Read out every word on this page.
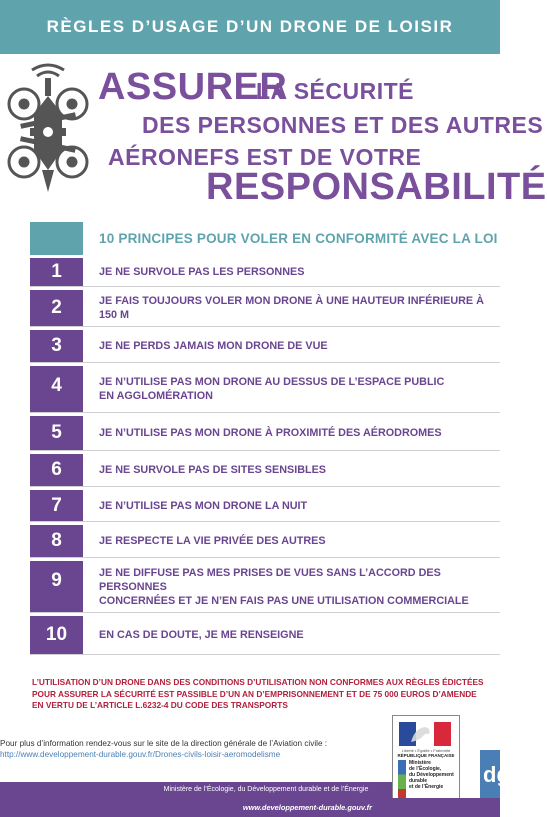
RÈGLES D’USAGE D’UN DRONE DE LOISIR
ASSURER
LA SÉCURITÉ
DES PERSONNES ET DES AUTRES
AÉRONEFS EST DE VOTRE
RESPONSABILITÉ
10 PRINCIPES POUR VOLER EN CONFORMITÉ AVEC LA LOI
1	JE NE SURVOLE PAS LES PERSONNES
2	JE FAIS TOUJOURS VOLER MON DRONE À UNE HAUTEUR INFÉRIEURE À 150 M
3	JE NE PERDS JAMAIS MON DRONE DE VUE
4	JE N’UTILISE PAS MON DRONE AU DESSUS DE L’ESPACE PUBLIC
EN AGGLOMÉRATION
5	JE N’UTILISE PAS MON DRONE À PROXIMITÉ DES AÉRODROMES
6	JE NE SURVOLE PAS DE SITES SENSIBLES
7	JE N’UTILISE PAS MON DRONE LA NUIT
8	JE RESPECTE LA VIE PRIVÉE DES AUTRES
9	JE NE DIFFUSE PAS MES PRISES DE VUES SANS L’ACCORD DES PERSONNES
CONCERNÉES ET JE N’EN FAIS PAS UNE UTILISATION COMMERCIALE
10	EN CAS DE DOUTE, JE ME RENSEIGNE
L’UTILISATION D’UN DRONE DANS DES CONDITIONS D’UTILISATION NON CONFORMES AUX RÈGLES ÉDICTÉES
POUR ASSURER LA SÉCURITÉ EST PASSIBLE D’UN AN D’EMPRISONNEMENT ET DE 75 000 EUROS D’AMENDE
EN VERTU DE L’ARTICLE L.6232-4 DU CODE DES TRANSPORTS
Pour plus d’information rendez-vous sur le site de la direction générale de l’Aviation civile :
http://www.developpement-durable.gouv.fr/Drones-civils-loisir-aeromodelisme	Liberté • Égalité • Fraternité
RÉPUBLIQUE FRANÇAISE
Ministère
de l’Écologie,
du Développement
durable
et de l’Énergie	dg
Ministère de l’Écologie, du Développement durable et de l’Énergie
www.developpement-durable.gouv.fr
